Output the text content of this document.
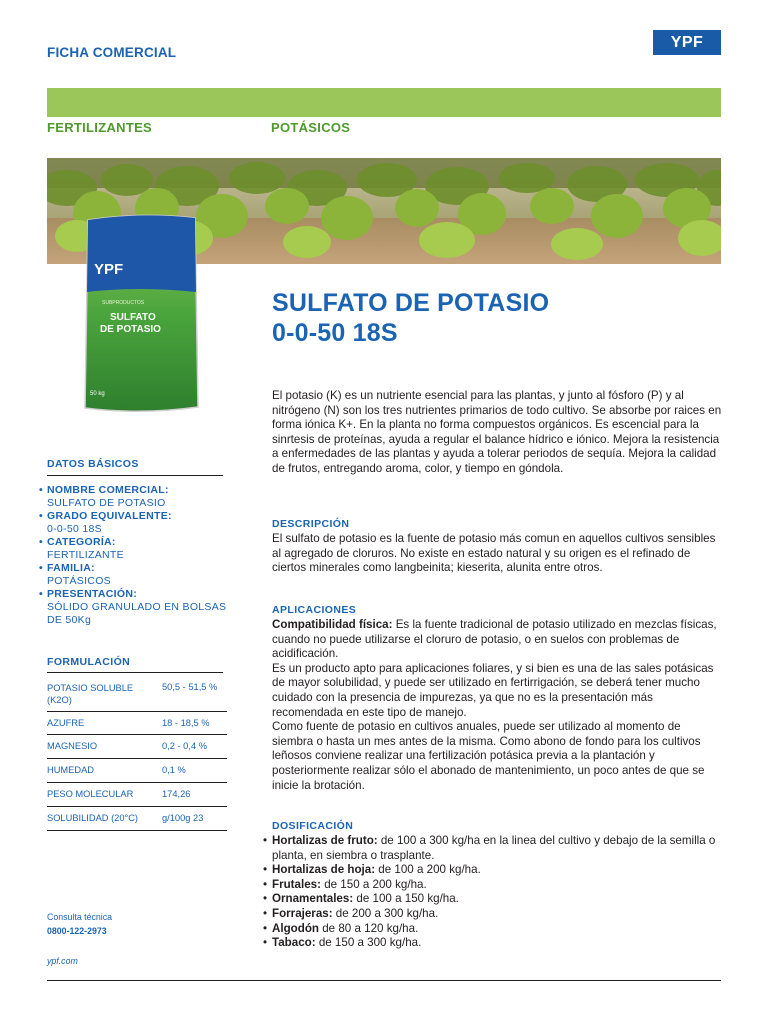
FICHA COMERCIAL
YPF
FERTILIZANTES	POTÁSICOS
YPF
SUBPRODUCTOS
SULFATO
DE POTASIO
50 kg
SULFATO DE POTASIO
0-0-50 18S
El potasio (K) es un nutriente esencial para las plantas, y junto al fósforo (P) y al nitrógeno (N) son los tres nutrientes primarios de todo cultivo. Se absorbe por raices en forma iónica K+. En la planta no forma compuestos orgánicos. Es escencial para la sinrtesis de proteínas, ayuda a regular el balance hídrico e iónico. Mejora la resistencia a enfermedades de las plantas y ayuda a tolerar periodos de sequía. Mejora la calidad de frutos, entregando aroma, color, y tiempo en góndola.
DESCRIPCIÓN
El sulfato de potasio es la fuente de potasio más comun en aquellos cultivos sensibles al agregado de cloruros. No existe en estado natural y su origen es el refinado de ciertos minerales como langbeinita; kieserita, alunita entre otros.
APLICACIONES
Compatibilidad física: Es la fuente tradicional de potasio utilizado en mezclas físicas, cuando no puede utilizarse el cloruro de potasio, o en suelos con problemas de acidificación.
Es un producto apto para aplicaciones foliares, y si bien es una de las sales potásicas de mayor solubilidad, y puede ser utilizado en fertirrigación, se deberá tener mucho cuidado con la presencia de impurezas, ya que no es la presentación más recomendada en este tipo de manejo.
Como fuente de potasio en cultivos anuales, puede ser utilizado al momento de siembra o hasta un mes antes de la misma. Como abono de fondo para los cultivos leñosos conviene realizar una fertilización potásica previa a la plantación y posteriormente realizar sólo el abonado de mantenimiento, un poco antes de que se inicie la brotación.
DOSIFICACIÓN
• Hortalizas de fruto: de 100 a 300 kg/ha en la linea del cultivo y debajo de la semilla o planta, en siembra o trasplante.
• Hortalizas de hoja: de 100 a 200 kg/ha.
• Frutales: de 150 a 200 kg/ha.
• Ornamentales: de 100 a 150 kg/ha.
• Forrajeras: de 200 a 300 kg/ha.
• Algodón de 80 a 120 kg/ha.
• Tabaco: de 150 a 300 kg/ha.
DATOS BÁSICOS
• NOMBRE COMERCIAL:
SULFATO DE POTASIO
• GRADO EQUIVALENTE:
0-0-50 18S
• CATEGORÍA:
FERTILIZANTE
• FAMILIA:
POTÁSICOS
• PRESENTACIÓN:
SÓLIDO GRANULADO EN BOLSAS DE 50Kg
FORMULACIÓN
POTASIO SOLUBLE (K2O)
50,5 - 51,5 %
AZUFRE	18 - 18,5 %
MAGNESIO	0,2 - 0,4 %
HUMEDAD	0,1 %
PESO MOLECULAR	174,26
SOLUBILIDAD (20°C)	g/100g 23
Consulta técnica
0800-122-2973
ypf.com
